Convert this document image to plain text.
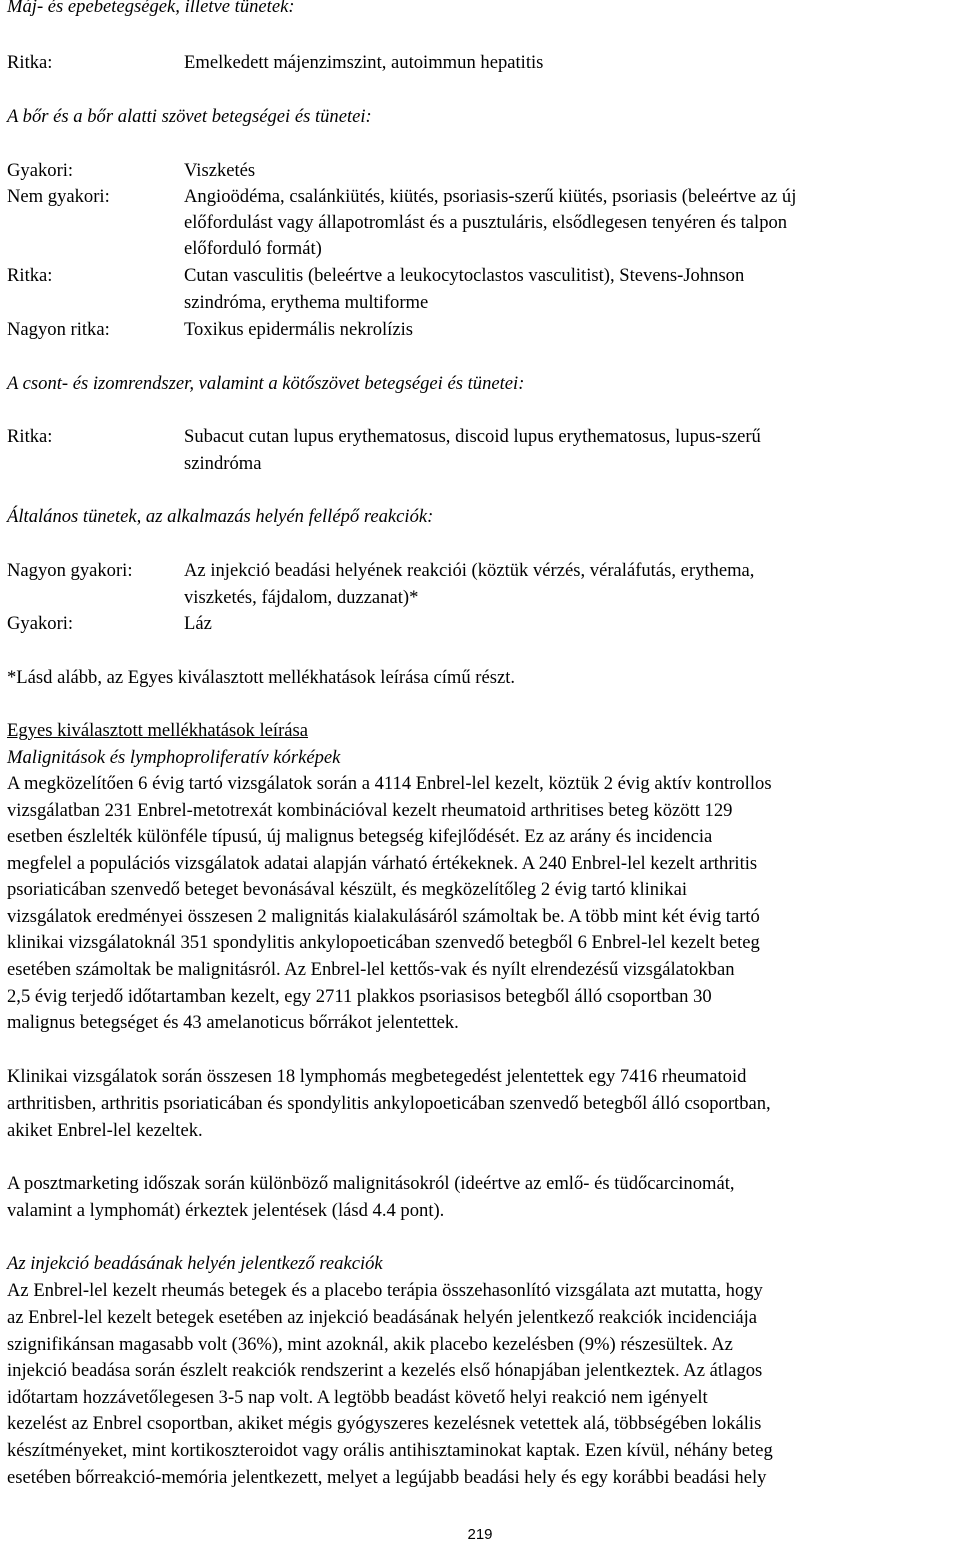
Máj- és epebetegségek, illetve tünetek:
Ritka:	Emelkedett májenzimszint, autoimmun hepatitis
A bőr és a bőr alatti szövet betegségei és tünetei:
Gyakori:	Viszketés
Nem gyakori:	Angioödéma, csalánkiütés, kiütés, psoriasis-szerű kiütés, psoriasis (beleértve az új
előfordulást vagy állapotromlást és a pusztuláris, elsődlegesen tenyéren és talpon
előforduló formát)
Ritka:	Cutan vasculitis (beleértve a leukocytoclastos vasculitist), Stevens-Johnson
szindróma, erythema multiforme
Nagyon ritka:	Toxikus epidermális nekrolízis
A csont- és izomrendszer, valamint a kötőszövet betegségei és tünetei:
Ritka:	Subacut cutan lupus erythematosus, discoid lupus erythematosus, lupus-szerű
szindróma
Általános tünetek, az alkalmazás helyén fellépő reakciók:
Nagyon gyakori:	Az injekció beadási helyének reakciói (köztük vérzés, véraláfutás, erythema,
viszketés, fájdalom, duzzanat)*
Gyakori:	Láz
*Lásd alább, az Egyes kiválasztott mellékhatások leírása című részt.
Egyes kiválasztott mellékhatások leírása
Malignitások és lymphoproliferatív kórképek
A megközelítően 6 évig tartó vizsgálatok során a 4114 Enbrel-lel kezelt, köztük 2 évig aktív kontrollos
vizsgálatban 231 Enbrel-metotrexát kombinációval kezelt rheumatoid arthritises beteg között 129
esetben észlelték különféle típusú, új malignus betegség kifejlődését. Ez az arány és incidencia
megfelel a populációs vizsgálatok adatai alapján várható értékeknek. A 240 Enbrel-lel kezelt arthritis
psoriaticában szenvedő beteget bevonásával készült, és megközelítőleg 2 évig tartó klinikai
vizsgálatok eredményei összesen 2 malignitás kialakulásáról számoltak be. A több mint két évig tartó
klinikai vizsgálatoknál 351 spondylitis ankylopoeticában szenvedő betegből 6 Enbrel-lel kezelt beteg
esetében számoltak be malignitásról. Az Enbrel-lel kettős-vak és nyílt elrendezésű vizsgálatokban
2,5 évig terjedő időtartamban kezelt, egy 2711 plakkos psoriasisos betegből álló csoportban 30
malignus betegséget és 43 amelanoticus bőrrákot jelentettek.
Klinikai vizsgálatok során összesen 18 lymphomás megbetegedést jelentettek egy 7416 rheumatoid
arthritisben, arthritis psoriaticában és spondylitis ankylopoeticában szenvedő betegből álló csoportban,
akiket Enbrel-lel kezeltek.
A posztmarketing időszak során különböző malignitásokról (ideértve az emlő- és tüdőcarcinomát,
valamint a lymphomát) érkeztek jelentések (lásd 4.4 pont).
Az injekció beadásának helyén jelentkező reakciók
Az Enbrel-lel kezelt rheumás betegek és a placebo terápia összehasonlító vizsgálata azt mutatta, hogy
az Enbrel-lel kezelt betegek esetében az injekció beadásának helyén jelentkező reakciók incidenciája
szignifikánsan magasabb volt (36%), mint azoknál, akik placebo kezelésben (9%) részesültek. Az
injekció beadása során észlelt reakciók rendszerint a kezelés első hónapjában jelentkeztek. Az átlagos
időtartam hozzávetőlegesen 3-5 nap volt. A legtöbb beadást követő helyi reakció nem igényelt
kezelést az Enbrel csoportban, akiket mégis gyógyszeres kezelésnek vetettek alá, többségében lokális
készítményeket, mint kortikoszteroidot vagy orális antihisztaminokat kaptak. Ezen kívül, néhány beteg
esetében bőrreakció-memória jelentkezett, melyet a legújabb beadási hely és egy korábbi beadási hely
219
